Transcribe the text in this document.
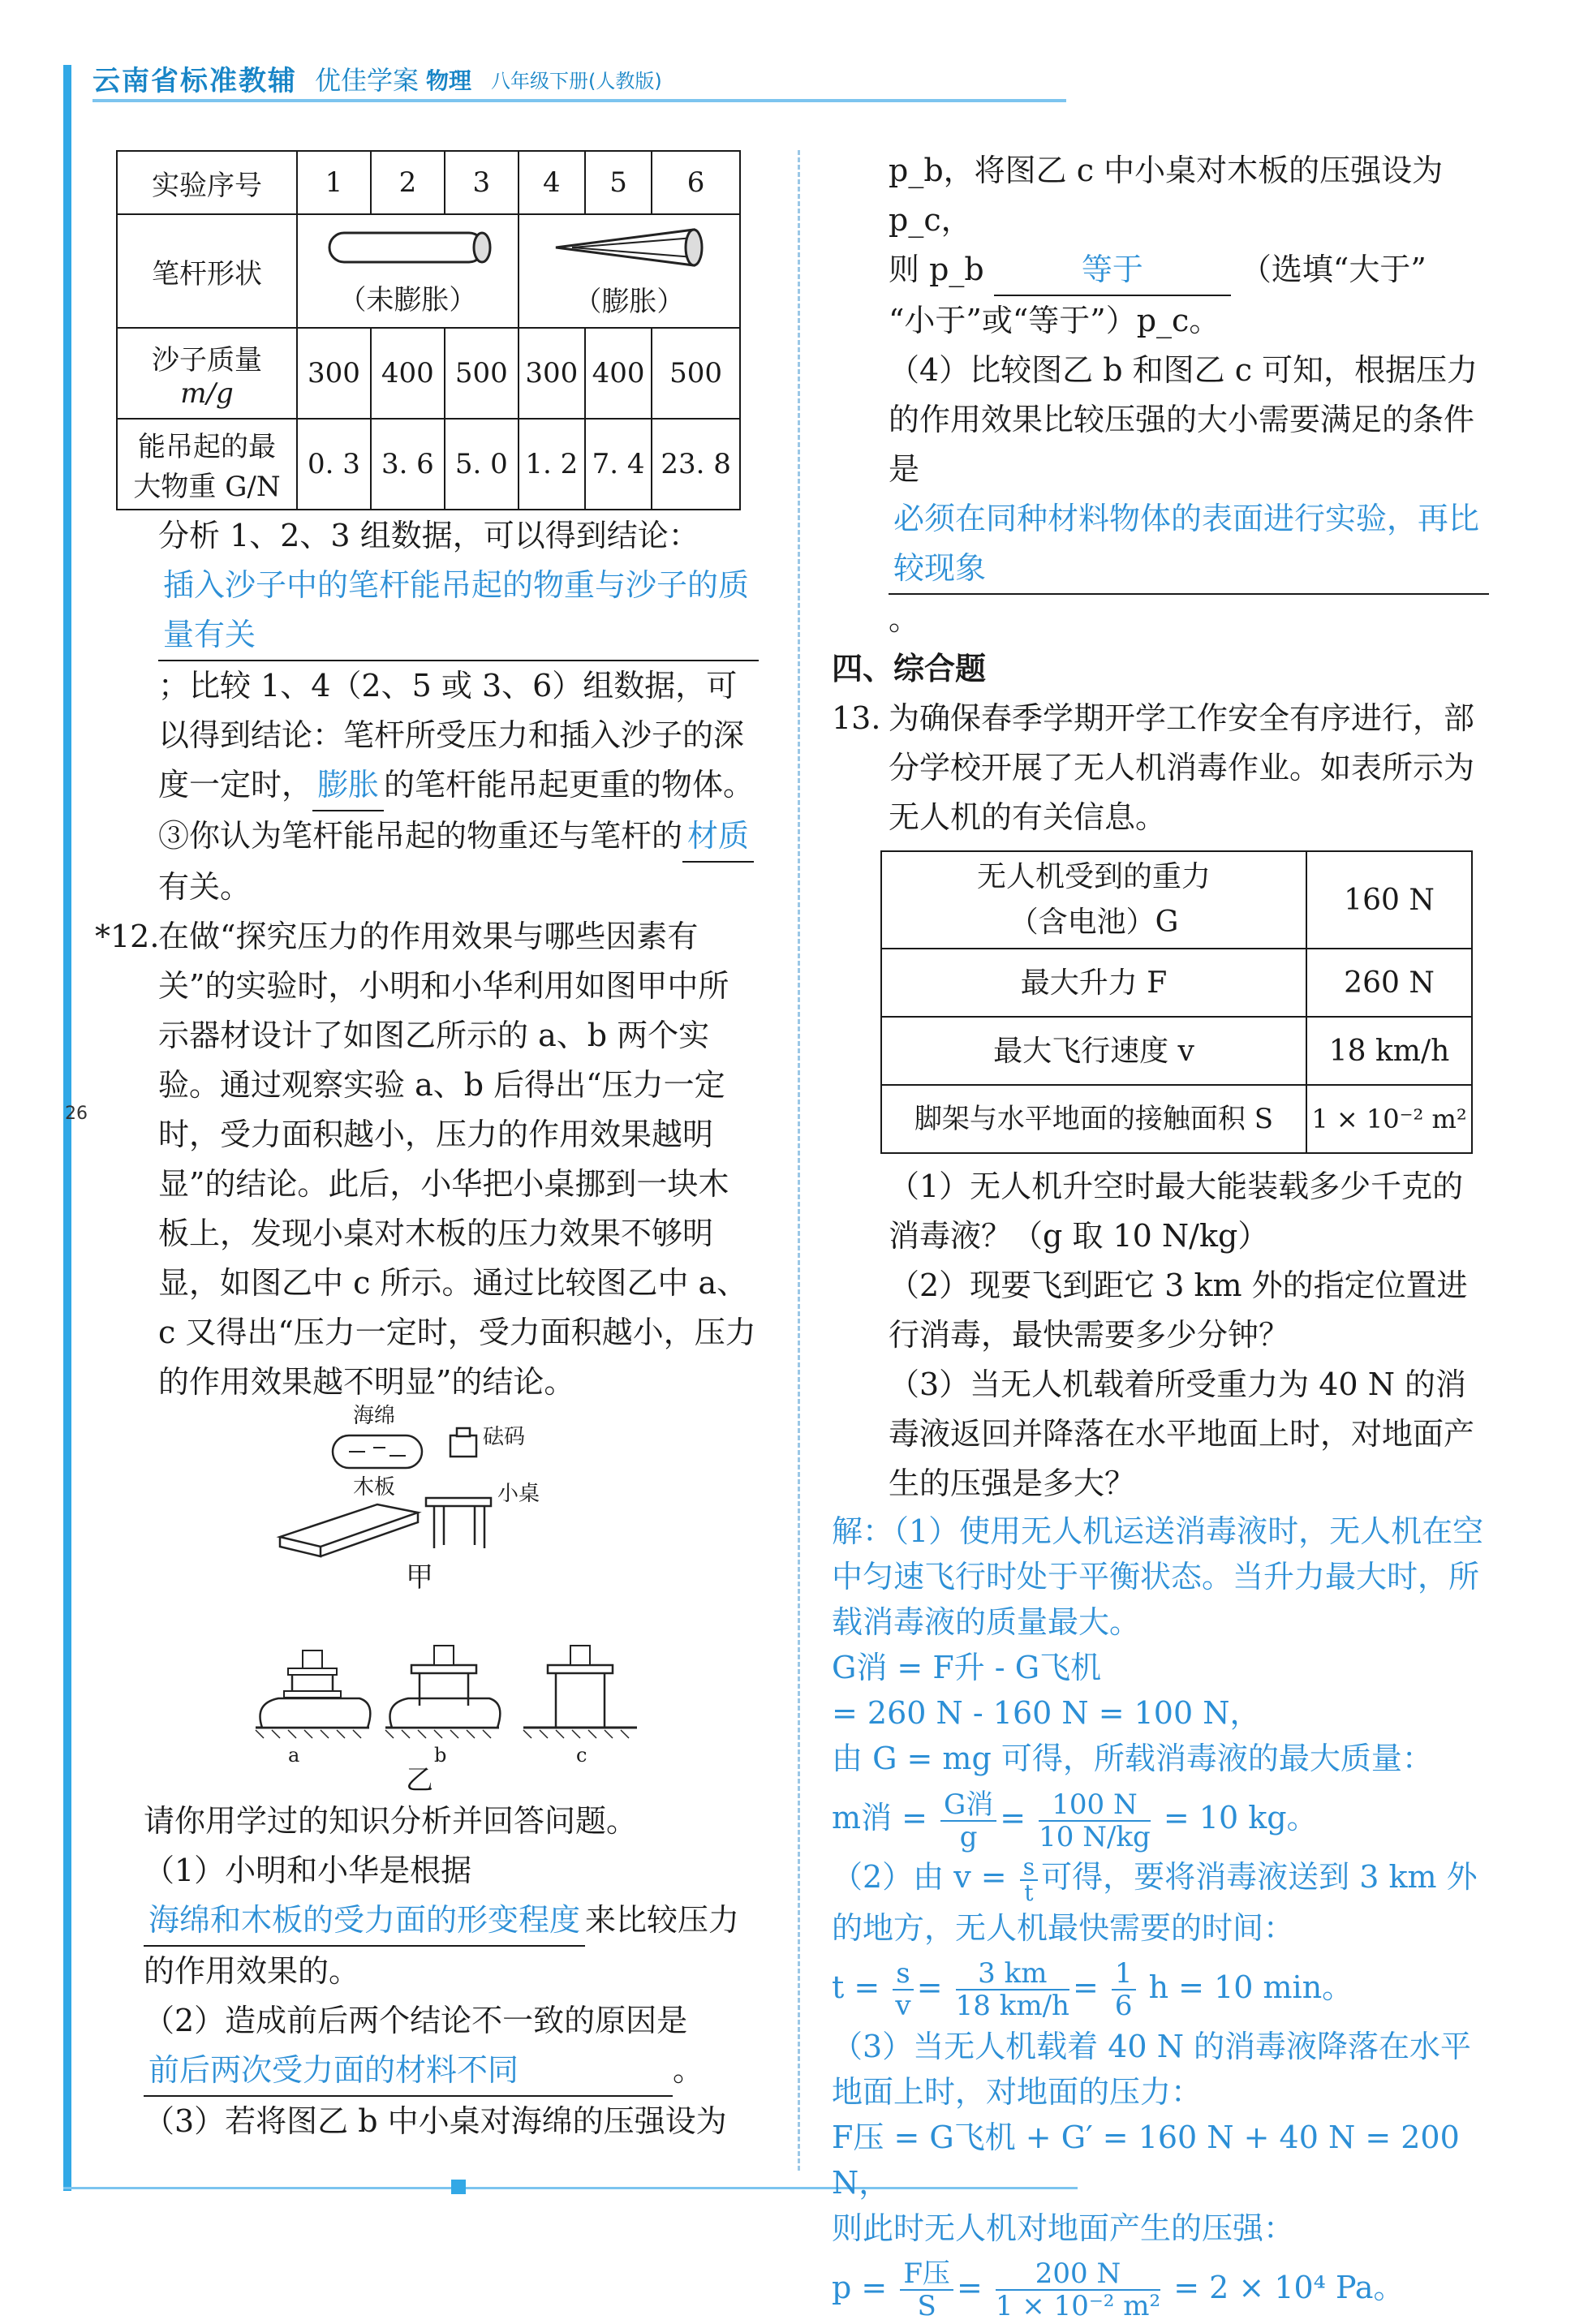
云南省标准教辅 优佳学案 物理 八年级下册(人教版)
26
实验序号	1	2	3	4	5	6
笔杆形状	（未膨胀）			（膨胀）		

沙子质量
m/g	300	400	500	300	400	500

能吊起的最
大物重 G/N	0. 3	3. 6	5. 0	1. 2	7. 4	23. 8

分析 1、2、3 组数据，可以得到结论：插入沙子中的笔杆能吊起的物重与沙子的质量有关；比较 1、4（2、5 或 3、6）组数据，可以得到结论：笔杆所受压力和插入沙子的深度一定时， 膨胀 的笔杆能吊起更重的物体。

③你认为笔杆能吊起的物重还与笔杆的 材质有关。

*12.
在做“探究压力的作用效果与哪些因素有关”的实验时，小明和小华利用如图甲中所示器材设计了如图乙所示的 a、b 两个实验。通过观察实验 a、b 后得出“压力一定时，受力面积越小，压力的作用效果越明显”的结论。此后，小华把小桌挪到一块木板上，发现小桌对木板的压力效果不够明显，如图乙中 c 所示。通过比较图乙中 a、c 又得出“压力一定时，受力面积越小，压力的作用效果越不明显”的结论。

海绵
砝码
木板	小桌
甲
a	b	c
乙

请你用学过的知识分析并回答问题。

（1）小明和小华是根据海绵和木板的受力面的形变程度 来比较压力的作用效果的。

（2）造成前后两个结论不一致的原因是前后两次受力面的材料不同	。

（3）若将图乙 b 中小桌对海绵的压强设为

p_b，将图乙 c 中小桌对木板的压强设为 p_c，

则 p_b	等于	（选填“大于”

“小于”或“等于”）p_c。

（4）比较图乙 b 和图乙 c 可知，根据压力的作用效果比较压强的大小需要满足的条件是必须在同种材料物体的表面进行实验，再比较现象。

四、综合题

13. 为确保春季学期开学工作安全有序进行，部分学校开展了无人机消毒作业。如表所示为无人机的有关信息。

无人机受到的重力
（含电池）G	160 N
最大升力 F	260 N
最大飞行速度 v	18 km/h
脚架与水平地面的接触面积 S	1 × 10⁻² m²

（1）无人机升空时最大能装载多少千克的消毒液？（g 取 10 N/kg）

（2）现要飞到距它 3 km 外的指定位置进行消毒，最快需要多少分钟？

（3）当无人机载着所受重力为 40 N 的消毒液返回并降落在水平地面上时，对地面产生的压强是多大？

解：（1）使用无人机运送消毒液时，无人机在空中匀速飞行时处于平衡状态。当升力最大时，所载消毒液的质量最大。

G消 = F升 - G飞机

= 260 N - 160 N = 100 N，

由 G = mg 可得，所载消毒液的最大质量：

m消 = $\frac{\text{G消}}{g} = \frac{100 N}{10 N/kg} = 10$ kg。

（2）由 $v = \frac{s}{t}$ 可得，要将消毒液送到 3 km 外的地方，无人机最快需要的时间：

$t = \frac{s}{v} = \frac{3 km}{18 km/h} = \frac{1}{6}$ h = 10 min。

（3）当无人机载着 40 N 的消毒液降落在水平地面上时，对地面的压力：

F压 = G飞机 + G′ = 160 N + 40 N = 200 N，

则此时无人机对地面产生的压强：

$p = \frac{\text{F压}}{S} = \frac{200 N}{\text{1 × 10⁻² m²}} = 2 \times 10^4$ Pa。
